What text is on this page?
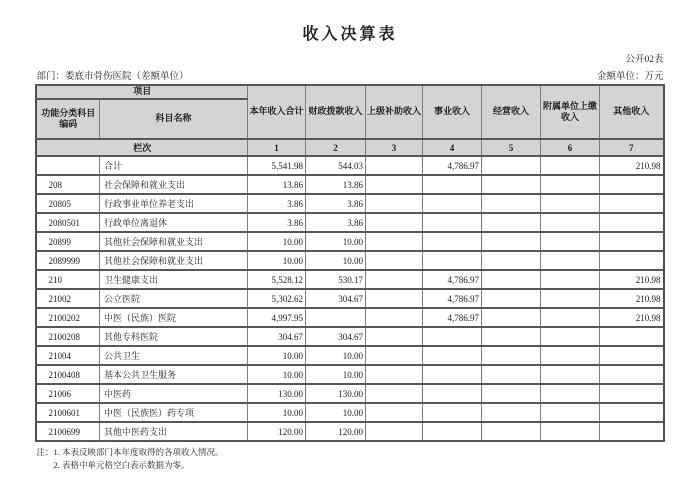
收入决算表
公开02表
部门：娄底市骨伤医院（差额单位）	金额单位：万元
项目		本年收入合计	财政拨款收入	上级补助收入	事业收入	经营收入	附属单位上缴收入	其他收入
功能分类科目编码	科目名称							
栏次		1	2	3	4	5	6	7
	合计	5,541.98	544.03		4,786.97			210.98
208	社会保障和就业支出	13.86	13.86					
20805	行政事业单位养老支出	3.86	3.86					
2080501	行政单位离退休	3.86	3.86					
20899	其他社会保障和就业支出	10.00	10.00					
2089999	其他社会保障和就业支出	10.00	10.00					
210	卫生健康支出	5,528.12	530.17		4,786.97			210.98
21002	公立医院	5,302.62	304.67		4,786.97			210.98
2100202	中医（民族）医院	4,997.95			4,786.97			210.98
2100208	其他专科医院	304.67	304.67					
21004	公共卫生	10.00	10.00					
2100408	基本公共卫生服务	10.00	10.00					
21006	中医药	130.00	130.00					
2100601	中医（民族医）药专项	10.00	10.00					
2100699	其他中医药支出	120.00	120.00					
注：1. 本表反映部门本年度取得的各项收入情况。
2. 表格中单元格空白表示数据为零。
